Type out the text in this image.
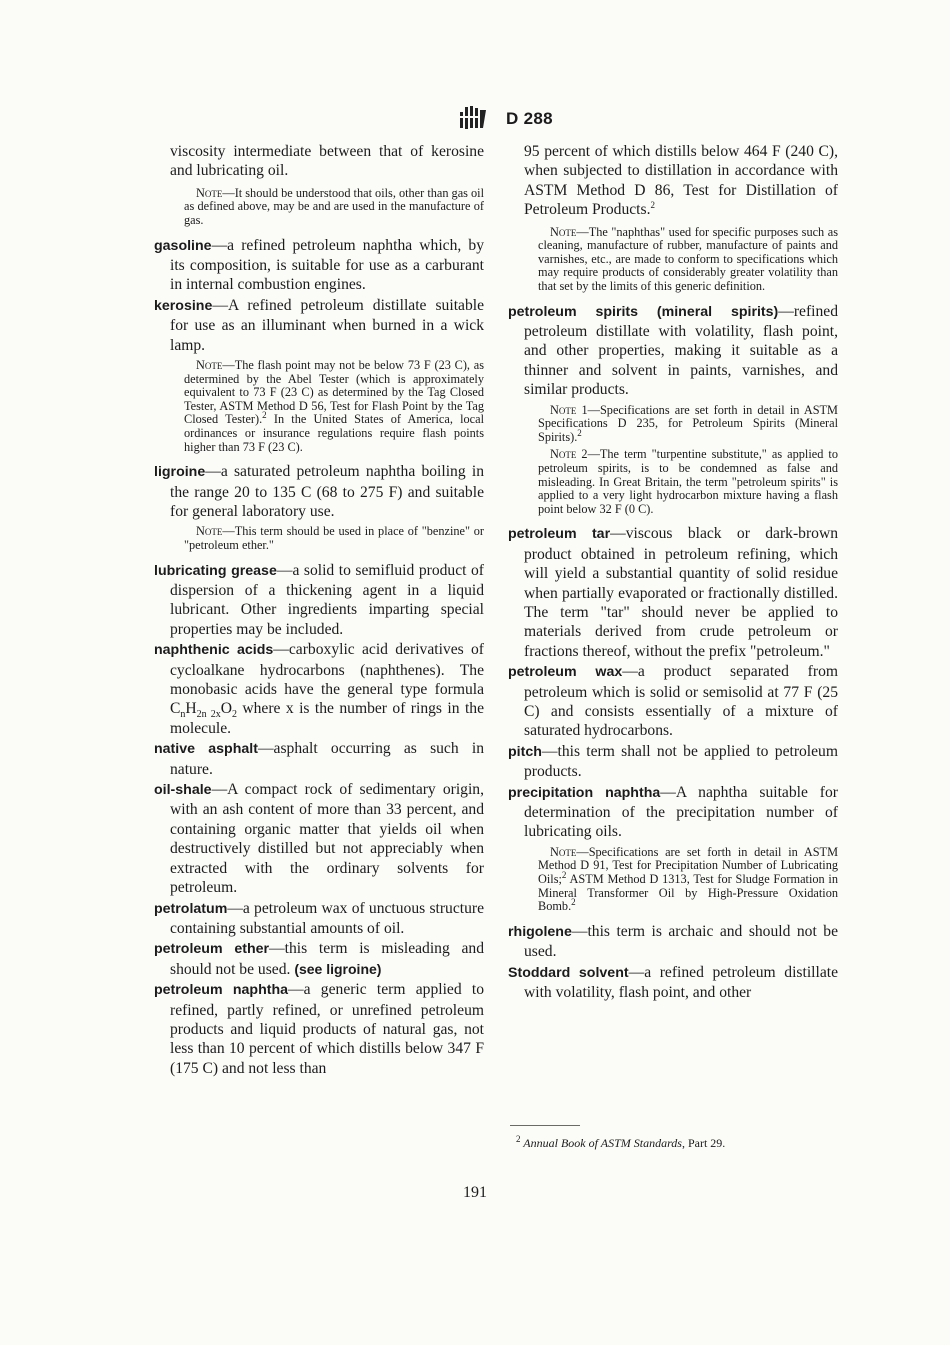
D 288

viscosity intermediate between that of kerosine and lubricating oil.

Note—It should be understood that oils, other than gas oil as defined above, may be and are used in the manufacture of gas.

gasoline—a refined petroleum naphtha which, by its composition, is suitable for use as a carburant in internal combustion engines.

kerosine—A refined petroleum distillate suitable for use as an illuminant when burned in a wick lamp.

Note—The flash point may not be below 73 F (23 C), as determined by the Abel Tester (which is approximately equivalent to 73 F (23 C) as determined by the Tag Closed Tester, ASTM Method D 56, Test for Flash Point by the Tag Closed Tester).$^2$ In the United States of America, local ordinances or insurance regulations require flash points higher than 73 F (23 C).

ligroine—a saturated petroleum naphtha boiling in the range 20 to 135 C (68 to 275 F) and suitable for general laboratory use.

Note—This term should be used in place of "benzine" or "petroleum ether."

lubricating grease—a solid to semifluid product of dispersion of a thickening agent in a liquid lubricant. Other ingredients imparting special properties may be included.

naphthenic acids—carboxylic acid derivatives of cycloalkane hydrocarbons (naphthenes). The monobasic acids have the general type formula $C_nH_{2n 2x}O_2$ where x is the number of rings in the molecule.

native asphalt—asphalt occurring as such in nature.

oil-shale—A compact rock of sedimentary origin, with an ash content of more than 33 percent, and containing organic matter that yields oil when destructively distilled but not appreciably when extracted with the ordinary solvents for petroleum.

petrolatum—a petroleum wax of unctuous structure containing substantial amounts of oil.

petroleum ether—this term is misleading and should not be used. (see ligroine)

petroleum naphtha—a generic term applied to refined, partly refined, or unrefined petroleum products and liquid products of natural gas, not less than 10 percent of which distills below 347 F (175 C) and not less than

95 percent of which distills below 464 F (240 C), when subjected to distillation in accordance with ASTM Method D 86, Test for Distillation of Petroleum Products.$^2$

Note—The "naphthas" used for specific purposes such as cleaning, manufacture of rubber, manufacture of paints and varnishes, etc., are made to conform to specifications which may require products of considerably greater volatility than that set by the limits of this generic definition.

petroleum spirits (mineral spirits)—refined petroleum distillate with volatility, flash point, and other properties, making it suitable as a thinner and solvent in paints, varnishes, and similar products.

Note 1—Specifications are set forth in detail in ASTM Specifications D 235, for Petroleum Spirits (Mineral Spirits).$^2$

Note 2—The term "turpentine substitute," as applied to petroleum spirits, is to be condemned as false and misleading. In Great Britain, the term "petroleum spirits" is applied to a very light hydrocarbon mixture having a flash point below 32 F (0 C).

petroleum tar—viscous black or dark-brown product obtained in petroleum refining, which will yield a substantial quantity of solid residue when partially evaporated or fractionally distilled. The term "tar" should never be applied to materials derived from crude petroleum or fractions thereof, without the prefix "petroleum."

petroleum wax—a product separated from petroleum which is solid or semisolid at 77 F (25 C) and consists essentially of a mixture of saturated hydrocarbons.

pitch—this term shall not be applied to petroleum products.

precipitation naphtha—A naphtha suitable for determination of the precipitation number of lubricating oils.

Note—Specifications are set forth in detail in ASTM Method D 91, Test for Precipitation Number of Lubricating Oils;$^2$ ASTM Method D 1313, Test for Sludge Formation in Mineral Transformer Oil by High-Pressure Oxidation Bomb.$^2$

rhigolene—this term is archaic and should not be used.

Stoddard solvent—a refined petroleum distillate with volatility, flash point, and other

$^2$ Annual Book of ASTM Standards, Part 29.
191
